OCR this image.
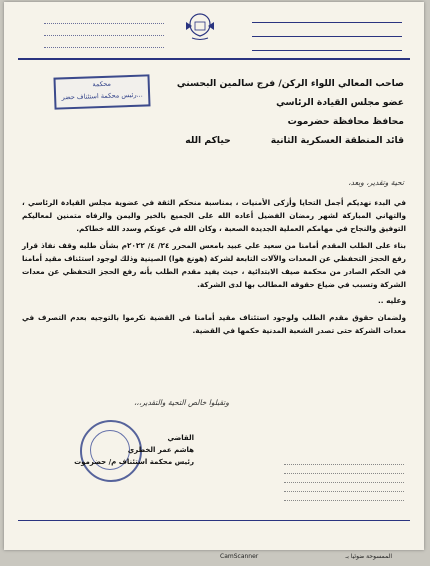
محكمة
رئيس محكمة استئناف حضر...
صاحب المعالي اللواء الركن/ فرج سالمين البحسني
عضو مجلس القيادة الرئاسي
محافظ محافظة حضرموت
قائد المنطقة العسكرية الثانيةحياكم الله
تحية وتقدير، وبعد،

في البدء نهديكم أجمل التحايا وأزكى الأمنيات ، بمناسبة منحكم الثقة في عضوية مجلس القيادة الرئاسي ، والتهاني المباركة لشهر رمضان الفضيل أعاده الله على الجميع بالخير واليمن والرفاه متمنين لمعاليكم التوفيق والنجاح في مهامكم العملية الجديدة الصعبة ، وكان الله في عونكم وسدد الله خطاكم.

بناء على الطلب المقدم أمامنا من سعيد علي عبيد بامعس المحرر ٢٤/ ٤/ ٢٠٢٢م بشأن طلبه وقف نفاذ قرار رفع الحجز التحفظي عن المعدات والآلات التابعة لشركة (هونغ هوا) الصينية وذلك لوجود استئناف مقيد أمامنا في الحكم الصادر من محكمة صيف الابتدائية ، حيث يفيد مقدم الطلب بأنه رفع الحجز التحفظي عن معدات الشركة وتسبب في ضياع حقوقه المطالب بها لدى الشركة.

وعليه ..

ولضمان حقوق مقدم الطلب ولوجود استئناف مقيد أمامنا في القضية نكرموا بالتوجيه بعدم التصرف في معدات الشركة حتى تصدر الشعبة المدنية حكمها في القضية.

وتقبلوا خالص التحية والتقدير،،،
القاضي
هاشم عمر الخطري
رئيس محكمة استئناف م/ حضرموت
CamScanner	الممسوحة ضوئيا بـ
